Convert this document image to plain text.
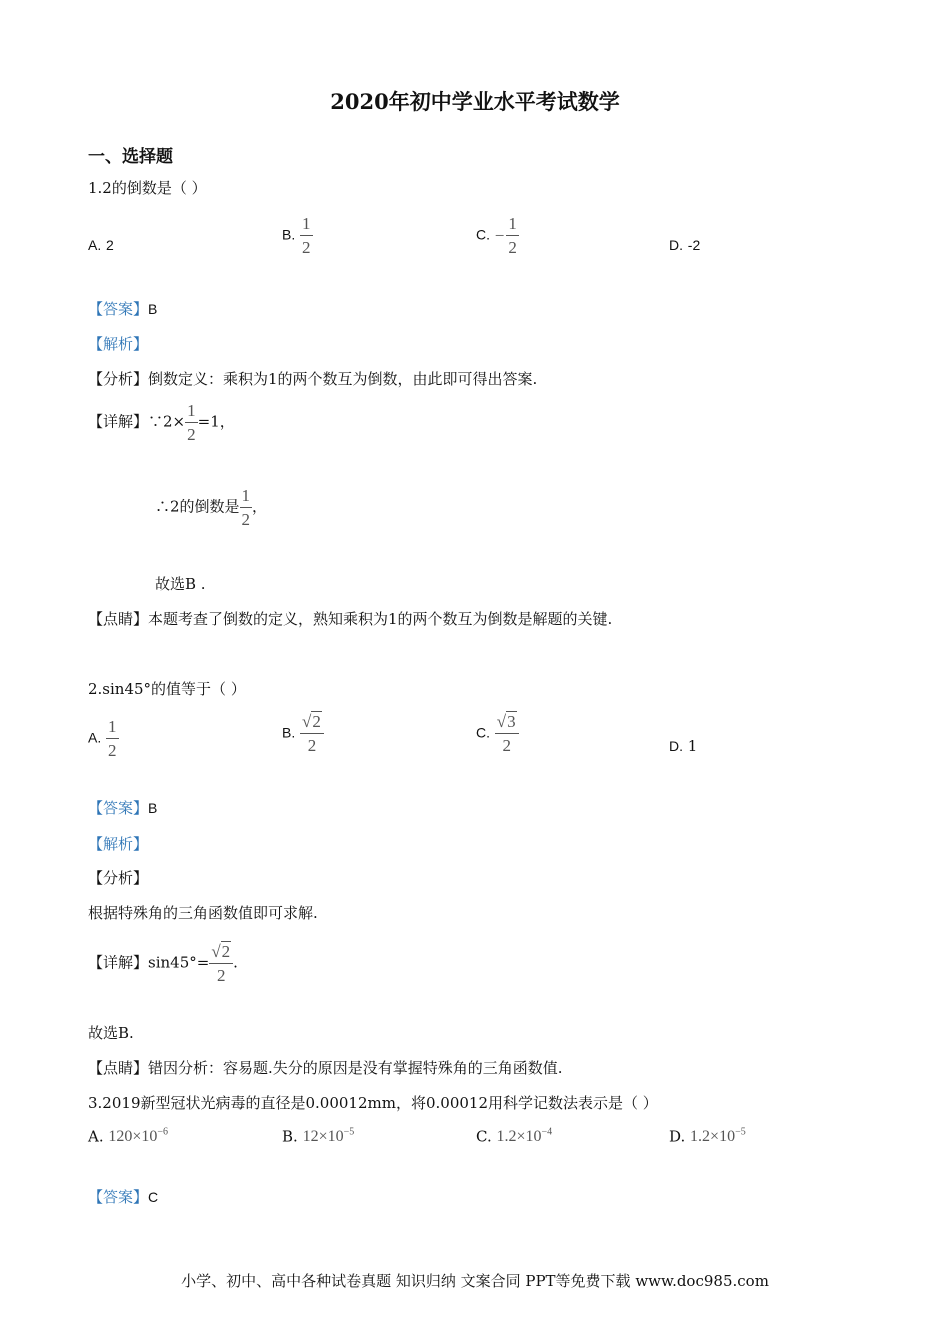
2020年初中学业水平考试数学
一、选择题
1.2的倒数是（ ）
A. 2
B. $\frac{1}{2}$	C. − $\frac{1}{2}$	D. -2
【答案】B
【解析】
【分析】倒数定义：乘积为1的两个数互为倒数，由此即可得出答案.
【详解】∵2× $\frac{1}{2} =1$，
∴2的倒数是 $\frac{1}{2}$ ，
故选B .
【点睛】本题考查了倒数的定义，熟知乘积为1的两个数互为倒数是解题的关键.
2.sin45°的值等于（ ）
A. $\frac{1}{2}$	B. $\frac{√2}{2}$	C. $\frac{√3}{2}$	D. 1
【答案】B
【解析】
【分析】
根据特殊角的三角函数值即可求解.
【详解】$\sin 45^\circ= \frac{√2}{2}$ .
故选B.
【点睛】错因分析：容易题.失分的原因是没有掌握特殊角的三角函数值.
3.2019新型冠状光病毒的直径是0.00012mm，将0.00012用科学记数法表示是（ ）
A. $120\times 10^{-6}$	B. $12\times 10^{-5}$	C. $1.2\times 10^{-4}$	D. $1.2\times 10^{-5}$
【答案】C
小学、初中、高中各种试卷真题 知识归纳 文案合同 PPT等免费下载 www.doc985.com
